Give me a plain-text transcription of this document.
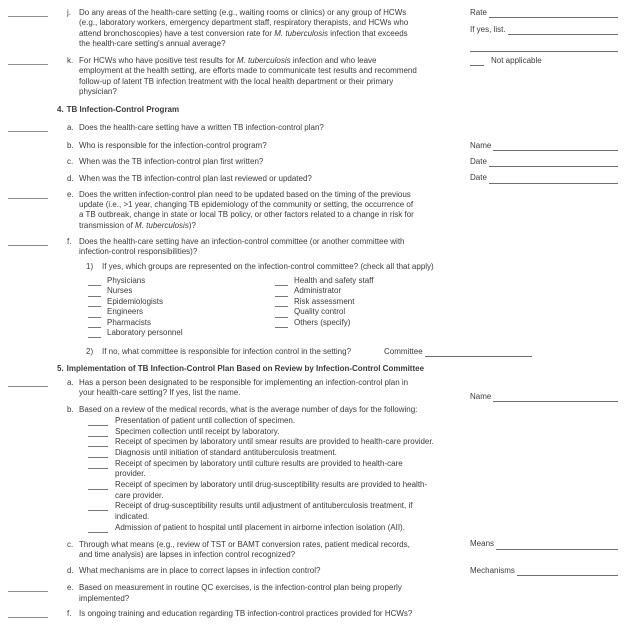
j.	Do any areas of the health-care setting (e.g., waiting rooms or clinics) or any group of HCWs
(e.g., laboratory workers, emergency department staff, respiratory therapists, and HCWs who
attend bronchoscopies) have a test conversion rate for M. tuberculosis infection that exceeds
the health-care setting's annual average?
Rate
If yes, list.
k. For HCWs who have positive test results for M. tuberculosis infection and who leave
employment at the health setting, are efforts made to communicate test results and recommend
follow-up of latent TB infection treatment with the local health department or their primary
physician?
Not applicable
4. TB Infection-Control Program
a. Does the health-care setting have a written TB infection-control plan?
b. Who is responsible for the infection-control program?	Name
c. When was the TB infection-control plan first written?	Date
d. When was the TB infection-control plan last reviewed or updated?	Date
e. Does the written infection-control plan need to be updated based on the timing of the previous
update (i.e., >1 year, changing TB epidemiology of the community or setting, the occurrence of
a TB outbreak, change in state or local TB policy, or other factors related to a change in risk for
transmission of M. tuberculosis)?
f. Does the health-care setting have an infection-control committee (or another committee with
infection-control responsibilities)?
1)	If yes, which groups are represented on the infection-control committee? (check all that apply)
Physicians
Nurses
Epidemiologists
Engineers
Pharmacists
Laboratory personnel
Health and safety staff
Administrator
Risk assessment
Quality control
Others (specify)
2)	If no, what committee is responsible for infection control in the setting?	Committee
5. Implementation of TB Infection-Control Plan Based on Review by Infection-Control Committee
a. Has a person been designated to be responsible for implementing an infection-control plan in
your health-care setting? If yes, list the name.	Name
b. Based on a review of the medical records, what is the average number of days for the following:
Presentation of patient until collection of specimen.
Specimen collection until receipt by laboratory.
Receipt of specimen by laboratory until smear results are provided to health-care provider.
Diagnosis until initiation of standard antituberculosis treatment.
Receipt of specimen by laboratory until culture results are provided to health-care
provider.
Receipt of specimen by laboratory until drug-susceptibility results are provided to health-
care provider.
Receipt of drug-susceptibility results until adjustment of antituberculosis treatment, if
indicated.
Admission of patient to hospital until placement in airborne infection isolation (AII).
c. Through what means (e.g., review of TST or BAMT conversion rates, patient medical records,
and time analysis) are lapses in infection control recognized?
Means
d. What mechanisms are in place to correct lapses in infection control?	Mechanisms
e. Based on measurement in routine QC exercises, is the infection-control plan being properly
implemented?
f. Is ongoing training and education regarding TB infection-control practices provided for HCWs?
